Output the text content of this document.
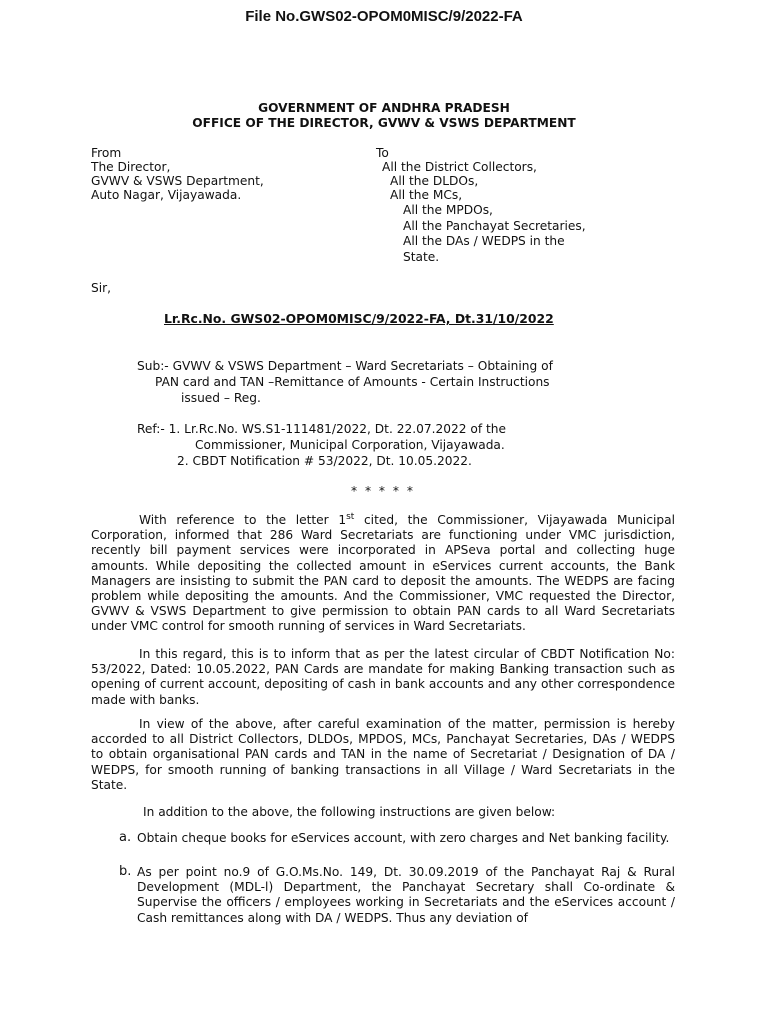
File No.GWS02-OPOM0MISC/9/2022-FA
GOVERNMENT OF ANDHRA PRADESH
OFFICE OF THE DIRECTOR, GVWV & VSWS DEPARTMENT
From
The Director,
GVWV & VSWS Department,
Auto Nagar, Vijayawada.
To
All the District Collectors,
All the DLDOs,
All the MCs,
All the MPDOs,
All the Panchayat Secretaries,
All the DAs / WEDPS in the
State.
Sir,
Lr.Rc.No. GWS02-OPOM0MISC/9/2022-FA, Dt.31/10/2022
Sub:- GVWV & VSWS Department – Ward Secretariats – Obtaining of
PAN card and TAN –Remittance of Amounts - Certain Instructions
issued – Reg.
Ref:- 1. Lr.Rc.No. WS.S1-111481/2022, Dt. 22.07.2022 of the
Commissioner, Municipal Corporation, Vijayawada.
2. CBDT Notification # 53/2022, Dt. 10.05.2022.
* * * * *
With reference to the letter 1st cited, the Commissioner, Vijayawada Municipal Corporation, informed that 286 Ward Secretariats are functioning under VMC jurisdiction, recently bill payment services were incorporated in APSeva portal and collecting huge amounts. While depositing the collected amount in eServices current accounts, the Bank Managers are insisting to submit the PAN card to deposit the amounts. The WEDPS are facing problem while depositing the amounts. And the Commissioner, VMC requested the Director, GVWV & VSWS Department to give permission to obtain PAN cards to all Ward Secretariats under VMC control for smooth running of services in Ward Secretariats.
In this regard, this is to inform that as per the latest circular of CBDT Notification No: 53/2022, Dated: 10.05.2022, PAN Cards are mandate for making Banking transaction such as opening of current account, depositing of cash in bank accounts and any other correspondence made with banks.
In view of the above, after careful examination of the matter, permission is hereby accorded to all District Collectors, DLDOs, MPDOS, MCs, Panchayat Secretaries, DAs / WEDPS to obtain organisational PAN cards and TAN in the name of Secretariat / Designation of DA / WEDPS, for smooth running of banking transactions in all Village / Ward Secretariats in the State.
In addition to the above, the following instructions are given below:
a. Obtain cheque books for eServices account, with zero charges and Net banking facility.
b. As per point no.9 of G.O.Ms.No. 149, Dt. 30.09.2019 of the Panchayat Raj & Rural Development (MDL-l) Department, the Panchayat Secretary shall Co-ordinate & Supervise the officers / employees working in Secretariats and the eServices account / Cash remittances along with DA / WEDPS. Thus any deviation of
